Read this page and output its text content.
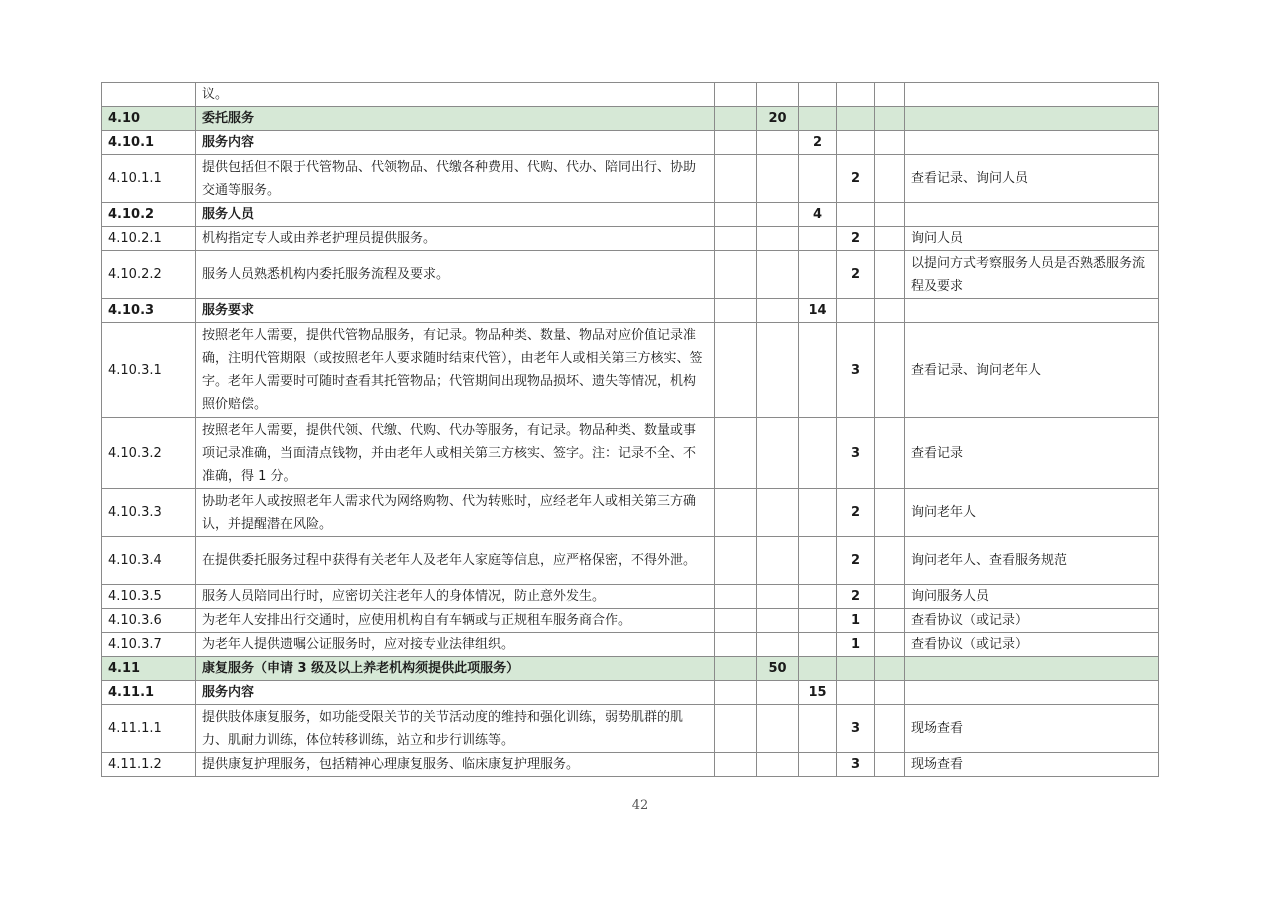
	议。						
4.10	委托服务		20				
4.10.1	服务内容			2			
4.10.1.1	提供包括但不限于代管物品、代领物品、代缴各种费用、代购、代办、陪同出行、协助交通等服务。				2		查看记录、询问人员
4.10.2	服务人员			4			
4.10.2.1	机构指定专人或由养老护理员提供服务。				2		询问人员
4.10.2.2	服务人员熟悉机构内委托服务流程及要求。				2		以提问方式考察服务人员是否熟悉服务流程及要求
4.10.3	服务要求			14			
4.10.3.1	按照老年人需要，提供代管物品服务，有记录。物品种类、数量、物品对应价值记录准确，注明代管期限（或按照老年人要求随时结束代管），由老年人或相关第三方核实、签字。老年人需要时可随时查看其托管物品；代管期间出现物品损坏、遗失等情况，机构照价赔偿。				3		查看记录、询问老年人
4.10.3.2	按照老年人需要，提供代领、代缴、代购、代办等服务，有记录。物品种类、数量或事项记录准确，当面清点钱物，并由老年人或相关第三方核实、签字。注：记录不全、不准确，得 1 分。				3		查看记录
4.10.3.3	协助老年人或按照老年人需求代为网络购物、代为转账时，应经老年人或相关第三方确认，并提醒潜在风险。				2		询问老年人
4.10.3.4	在提供委托服务过程中获得有关老年人及老年人家庭等信息，应严格保密，不得外泄。				2		询问老年人、查看服务规范
4.10.3.5	服务人员陪同出行时，应密切关注老年人的身体情况，防止意外发生。				2		询问服务人员
4.10.3.6	为老年人安排出行交通时，应使用机构自有车辆或与正规租车服务商合作。				1		查看协议（或记录）
4.10.3.7	为老年人提供遗嘱公证服务时，应对接专业法律组织。				1		查看协议（或记录）
4.11	康复服务（申请 3 级及以上养老机构须提供此项服务）		50				
4.11.1	服务内容			15			
4.11.1.1	提供肢体康复服务，如功能受限关节的关节活动度的维持和强化训练，弱势肌群的肌力、肌耐力训练，体位转移训练，站立和步行训练等。				3		现场查看
4.11.1.2	提供康复护理服务，包括精神心理康复服务、临床康复护理服务。				3		现场查看
42
